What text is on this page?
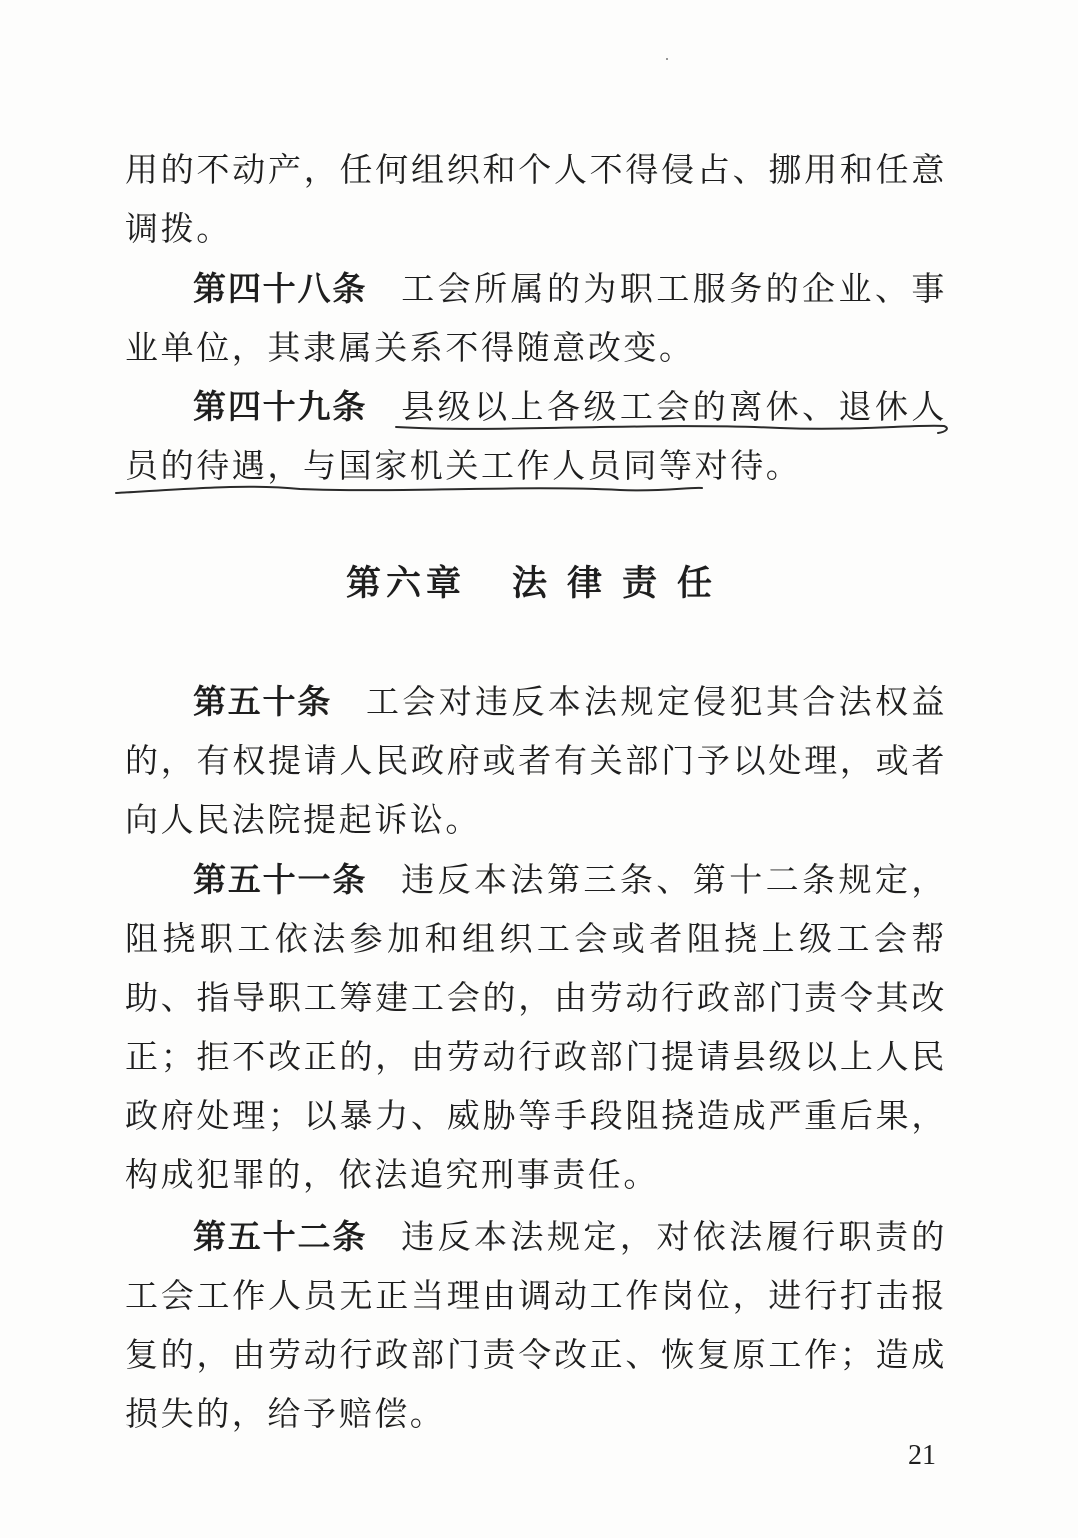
用的不动产，任何组织和个人不得侵占、挪用和任意调拨。

第四十八条 工会所属的为职工服务的企业、事业单位，其隶属关系不得随意改变。

第四十九条 县级以上各级工会的离休、退休人员的待遇，与国家机关工作人员同等对待。

第六章 法律责任

第五十条 工会对违反本法规定侵犯其合法权益的，有权提请人民政府或者有关部门予以处理，或者向人民法院提起诉讼。

第五十一条 违反本法第三条、第十二条规定，阻挠职工依法参加和组织工会或者阻挠上级工会帮助、指导职工筹建工会的，由劳动行政部门责令其改正；拒不改正的，由劳动行政部门提请县级以上人民政府处理；以暴力、威胁等手段阻挠造成严重后果，构成犯罪的，依法追究刑事责任。

第五十二条 违反本法规定，对依法履行职责的工会工作人员无正当理由调动工作岗位，进行打击报复的，由劳动行政部门责令改正、恢复原工作；造成损失的，给予赔偿。

21
